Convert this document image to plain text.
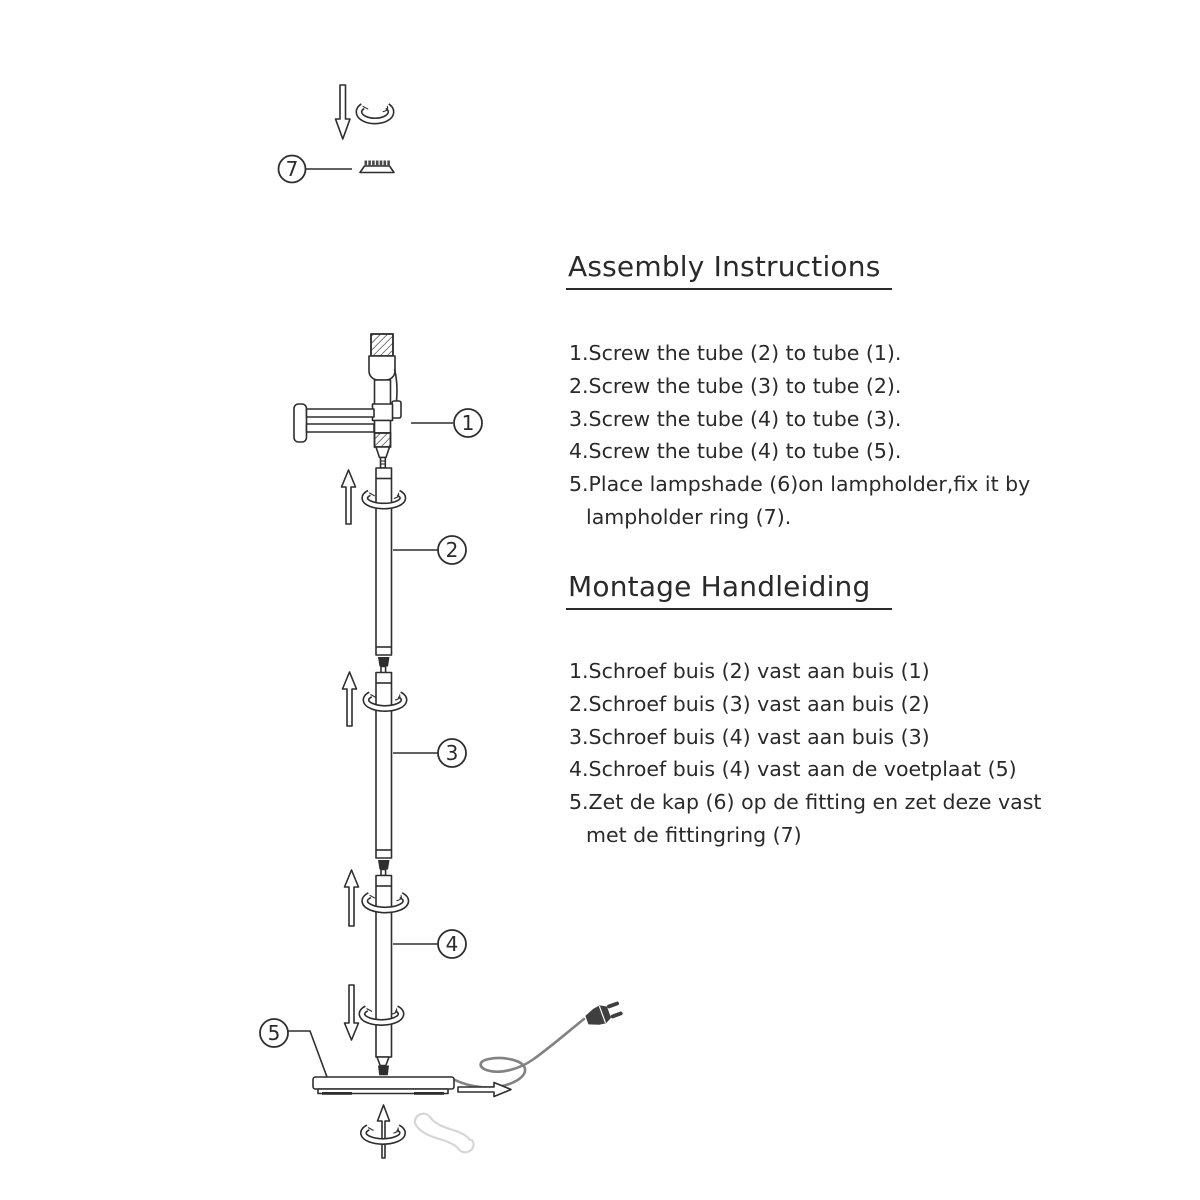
7
1
2
3
4
5
Assembly Instructions

1.Screw the tube (2) to tube (1).

2.Screw the tube (3) to tube (2).

3.Screw the tube (4) to tube (3).

4.Screw the tube (4) to tube (5).

5.Place lampshade (6)on lampholder,fix it by

lampholder ring (7).

Montage Handleiding

1.Schroef buis (2) vast aan buis (1)

2.Schroef buis (3) vast aan buis (2)

3.Schroef buis (4) vast aan buis (3)

4.Schroef buis (4) vast aan de voetplaat (5)

5.Zet de kap (6) op de fitting en zet deze vast

met de fittingring (7)
